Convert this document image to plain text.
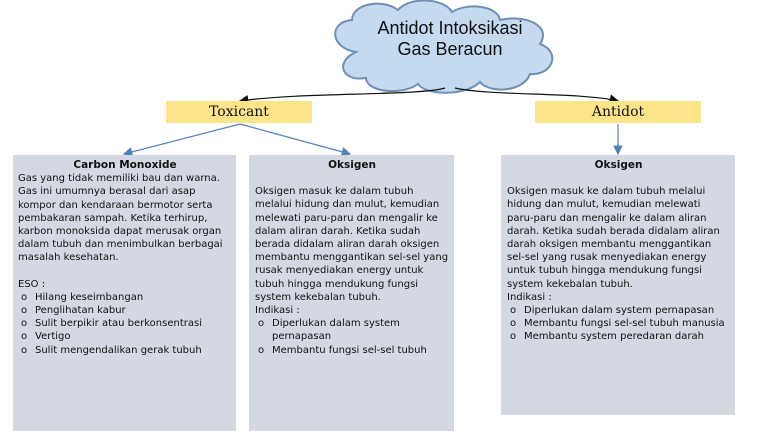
Antidot Intoksikasi
Gas Beracun
Toxicant	Antidot
Carbon Monoxide

Gas yang tidak memiliki bau dan warna. Gas ini umumnya berasal dari asap kompor dan kendaraan bermotor serta pembakaran sampah. Ketika terhirup, karbon monoksida dapat merusak organ dalam tubuh dan menimbulkan berbagai masalah kesehatan.

ESO :

o Hilang keseimbangan
o Penglihatan kabur
o Sulit berpikir atau berkonsentrasi
o Vertigo
o Sulit mengendalikan gerak tubuh
Oksigen

Oksigen masuk ke dalam tubuh melalui hidung dan mulut, kemudian melewati paru-paru dan mengalir ke dalam aliran darah. Ketika sudah berada didalam aliran darah oksigen membantu menggantikan sel-sel yang rusak menyediakan energy untuk tubuh hingga mendukung fungsi system kekebalan tubuh.

Indikasi :

o Diperlukan dalam system pernapasan
o Membantu fungsi sel-sel tubuh
Oksigen

Oksigen masuk ke dalam tubuh melalui hidung dan mulut, kemudian melewati paru-paru dan mengalir ke dalam aliran darah. Ketika sudah berada didalam aliran darah oksigen membantu menggantikan sel-sel yang rusak menyediakan energy untuk tubuh hingga mendukung fungsi system kekebalan tubuh.

Indikasi :

o Diperlukan dalam system pernapasan
o Membantu fungsi sel-sel tubuh manusia
o Membantu system peredaran darah
